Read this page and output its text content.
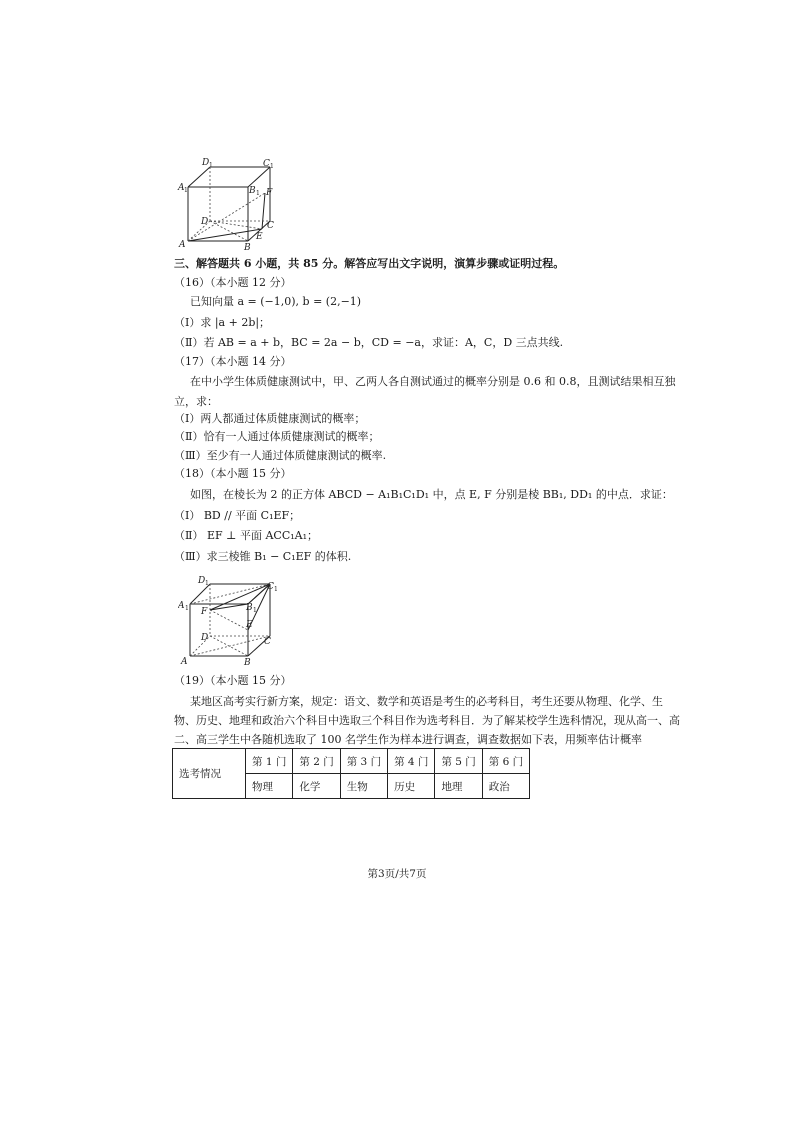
D 1	C 1
A 1	B 1 F
D	C
E
A	B
三、解答题共 6 小题，共 85 分。解答应写出文字说明，演算步骤或证明过程。
（16）（本小题 12 分）
已知向量 a = (−1,0), b = (2,−1)
（Ⅰ）求 |a + 2b|；
（Ⅱ）若 AB = a + b，BC = 2a − b，CD = −a，求证：A，C，D 三点共线.
（17）（本小题 14 分）
在中小学生体质健康测试中，甲、乙两人各自测试通过的概率分别是 0.6 和 0.8，且测试结果相互独
立，求：
（Ⅰ）两人都通过体质健康测试的概率；
（Ⅱ）恰有一人通过体质健康测试的概率；
（Ⅲ）至少有一人通过体质健康测试的概率.
（18）（本小题 15 分）
如图，在棱长为 2 的正方体 ABCD − A₁B₁C₁D₁ 中，点 E, F 分别是棱 BB₁, DD₁ 的中点．求证：
（Ⅰ） BD // 平面 C₁EF；
（Ⅱ） EF ⊥ 平面 ACC₁A₁；
（Ⅲ）求三棱锥 B₁ − C₁EF 的体积.
D 1	C 1
A 1 F	B 1
E
D	C
A	B
（19）（本小题 15 分）
某地区高考实行新方案，规定：语文、数学和英语是考生的必考科目，考生还要从物理、化学、生
物、历史、地理和政治六个科目中选取三个科目作为选考科目．为了解某校学生选科情况，现从高一、高
二、高三学生中各随机选取了 100 名学生作为样本进行调查，调查数据如下表，用频率估计概率
选考情况	第 1 门	第 2 门	第 3 门	第 4 门	第 5 门	第 6 门
	物理	化学	生物	历史	地理	政治
第3页/共7页
